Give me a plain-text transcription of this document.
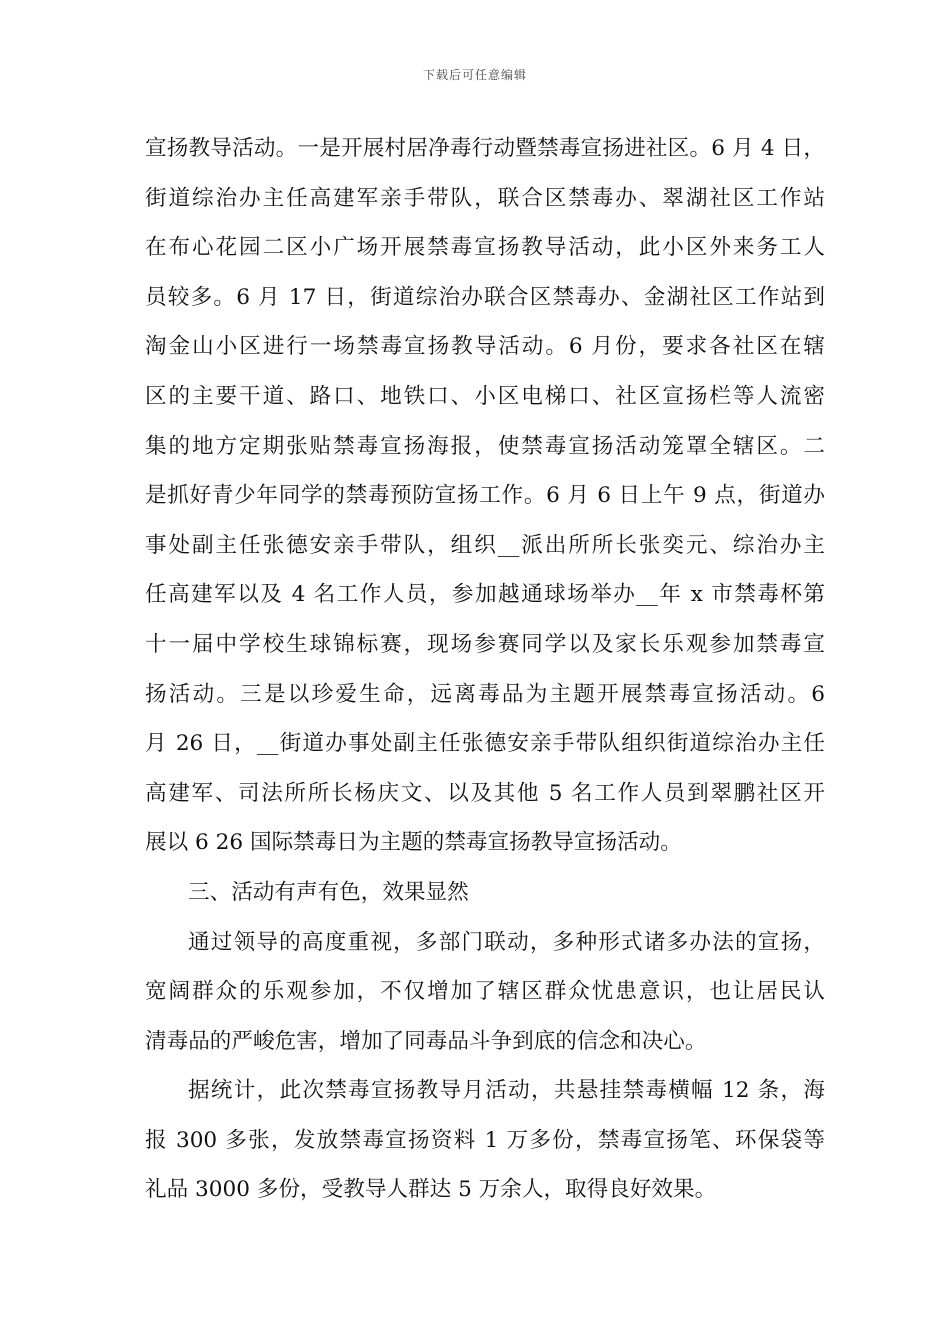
下载后可任意编辑
宣扬教导活动。一是开展村居净毒行动暨禁毒宣扬进社区。6 月 4 日，
街道综治办主任高建军亲手带队，联合区禁毒办、翠湖社区工作站
在布心花园二区小广场开展禁毒宣扬教导活动，此小区外来务工人
员较多。6 月 17 日，街道综治办联合区禁毒办、金湖社区工作站到
淘金山小区进行一场禁毒宣扬教导活动。6 月份，要求各社区在辖
区的主要干道、路口、地铁口、小区电梯口、社区宣扬栏等人流密
集的地方定期张贴禁毒宣扬海报，使禁毒宣扬活动笼罩全辖区。二
是抓好青少年同学的禁毒预防宣扬工作。6 月 6 日上午 9 点，街道办
事处副主任张德安亲手带队，组织__派出所所长张奕元、综治办主
任高建军以及 4 名工作人员，参加越通球场举办__年 x 市禁毒杯第
十一届中学校生球锦标赛，现场参赛同学以及家长乐观参加禁毒宣
扬活动。三是以珍爱生命，远离毒品为主题开展禁毒宣扬活动。6
月 26 日，__街道办事处副主任张德安亲手带队组织街道综治办主任
高建军、司法所所长杨庆文、以及其他 5 名工作人员到翠鹏社区开
展以 6 26 国际禁毒日为主题的禁毒宣扬教导宣扬活动。
三、活动有声有色，效果显然
通过领导的高度重视，多部门联动，多种形式诸多办法的宣扬，
宽阔群众的乐观参加，不仅增加了辖区群众忧患意识，也让居民认
清毒品的严峻危害，增加了同毒品斗争到底的信念和决心。
据统计，此次禁毒宣扬教导月活动，共悬挂禁毒横幅 12 条，海
报 300 多张，发放禁毒宣扬资料 1 万多份，禁毒宣扬笔、环保袋等
礼品 3000 多份，受教导人群达 5 万余人，取得良好效果。
